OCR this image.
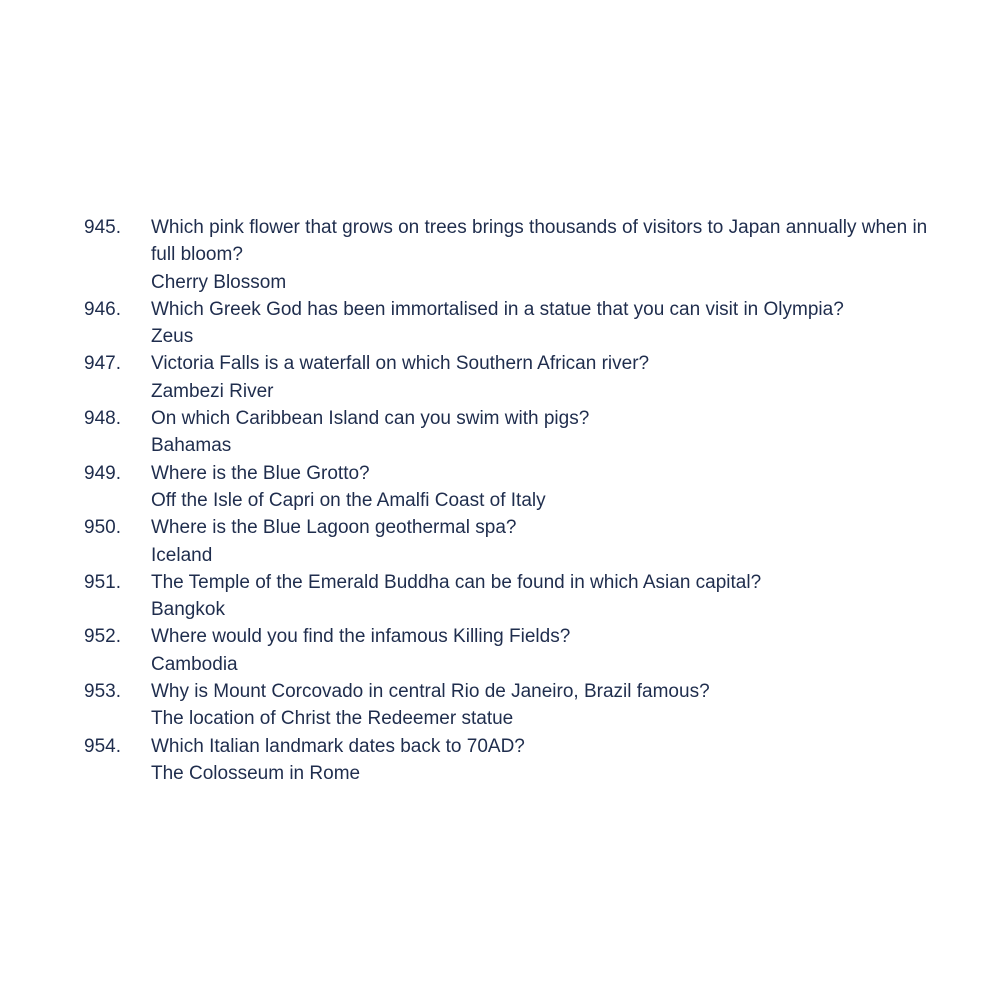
945.	Which pink flower that grows on trees brings thousands of visitors to Japan annually when in full bloom?
Cherry Blossom
946.	Which Greek God has been immortalised in a statue that you can visit in Olympia?
Zeus
947.	Victoria Falls is a waterfall on which Southern African river?
Zambezi River
948.	On which Caribbean Island can you swim with pigs?
Bahamas
949.	Where is the Blue Grotto?
Off the Isle of Capri on the Amalfi Coast of Italy
950.	Where is the Blue Lagoon geothermal spa?
Iceland
951.	The Temple of the Emerald Buddha can be found in which Asian capital?
Bangkok
952.	Where would you find the infamous Killing Fields?
Cambodia
953.	Why is Mount Corcovado in central Rio de Janeiro, Brazil famous?
The location of Christ the Redeemer statue
954.	Which Italian landmark dates back to 70AD?
The Colosseum in Rome
